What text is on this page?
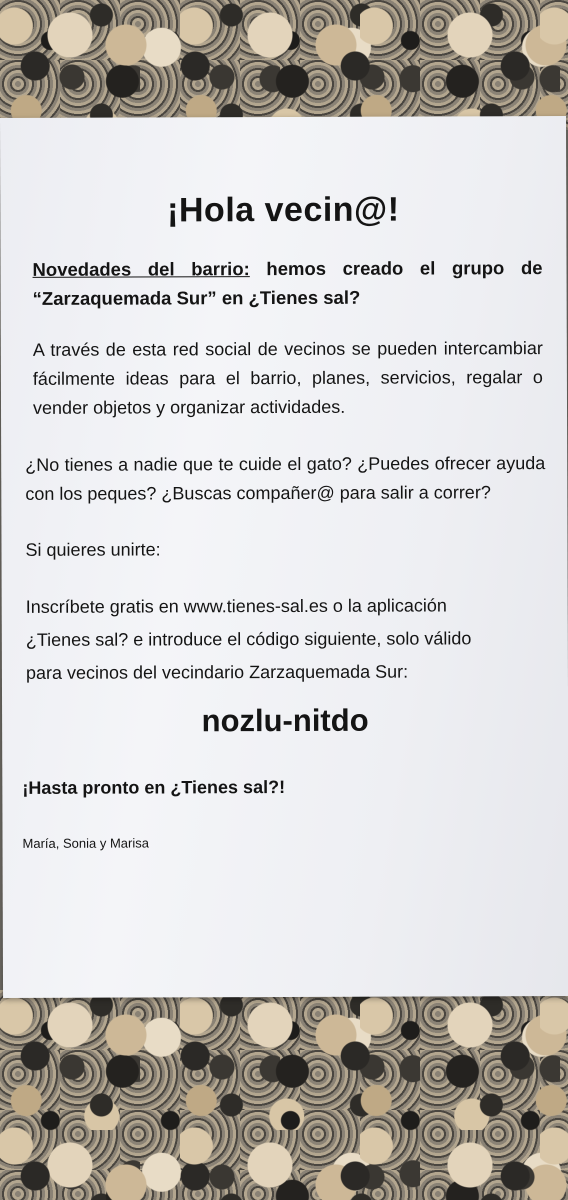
¡Hola vecin@!
Novedades del barrio: hemos creado el grupo de “Zarzaquemada Sur” en ¿Tienes sal?
A través de esta red social de vecinos se pueden intercambiar fácilmente ideas para el barrio, planes, servicios, regalar o vender objetos y organizar actividades.
¿No tienes a nadie que te cuide el gato? ¿Puedes ofrecer ayuda con los peques? ¿Buscas compañer@ para salir a correr?
Si quieres unirte:
Inscríbete gratis en www.tienes-sal.es o la aplicación
¿Tienes sal? e introduce el código siguiente, solo válido
para vecinos del vecindario Zarzaquemada Sur:
nozlu-nitdo
¡Hasta pronto en ¿Tienes sal?!
María, Sonia y Marisa
